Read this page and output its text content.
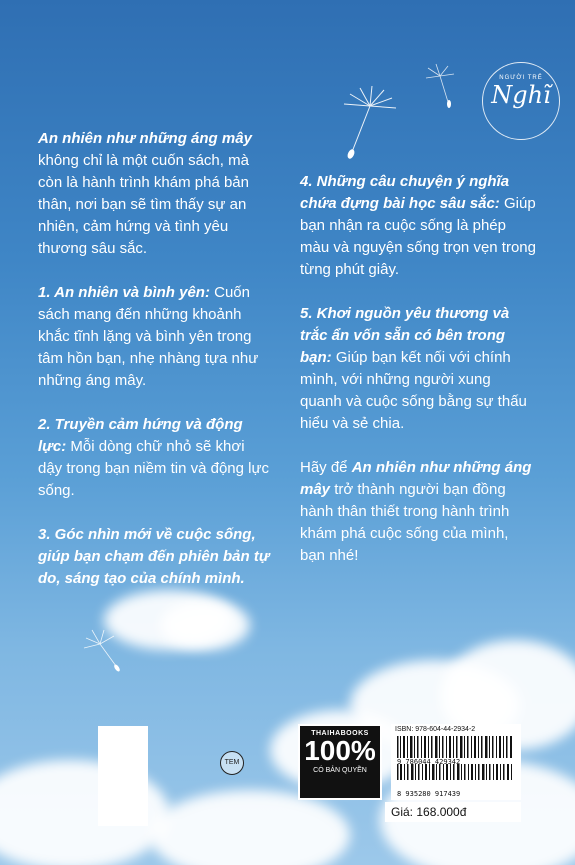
NGƯỜI TRẺ
Nghĩ
An nhiên như những áng mây không chỉ là một cuốn sách, mà còn là hành trình khám phá bản thân, nơi bạn sẽ tìm thấy sự an nhiên, cảm hứng và tình yêu thương sâu sắc.
1. An nhiên và bình yên: Cuốn sách mang đến những khoảnh khắc tĩnh lặng và bình yên trong tâm hồn bạn, nhẹ nhàng tựa như những áng mây.
2. Truyền cảm hứng và động lực: Mỗi dòng chữ nhỏ sẽ khơi dậy trong bạn niềm tin và động lực sống.
3. Góc nhìn mới về cuộc sống, giúp bạn chạm đến phiên bản tự do, sáng tạo của chính mình.
4. Những câu chuyện ý nghĩa chứa đựng bài học sâu sắc: Giúp bạn nhận ra cuộc sống là phép màu và nguyện sống trọn vẹn trong từng phút giây.
5. Khơi nguồn yêu thương và trắc ẩn vốn sẵn có bên trong bạn: Giúp bạn kết nối với chính mình, với những người xung quanh và cuộc sống bằng sự thấu hiểu và sẻ chia.
Hãy để An nhiên như những áng mây trở thành người bạn đồng hành thân thiết trong hành trình khám phá cuộc sống của mình, bạn nhé!
TEM
THAIHABOOKS
100%
CÓ BẢN QUYỀN
ISBN: 978-604-44-2934-2
9 786044 429342
8 935280 917439
Giá: 168.000đ
